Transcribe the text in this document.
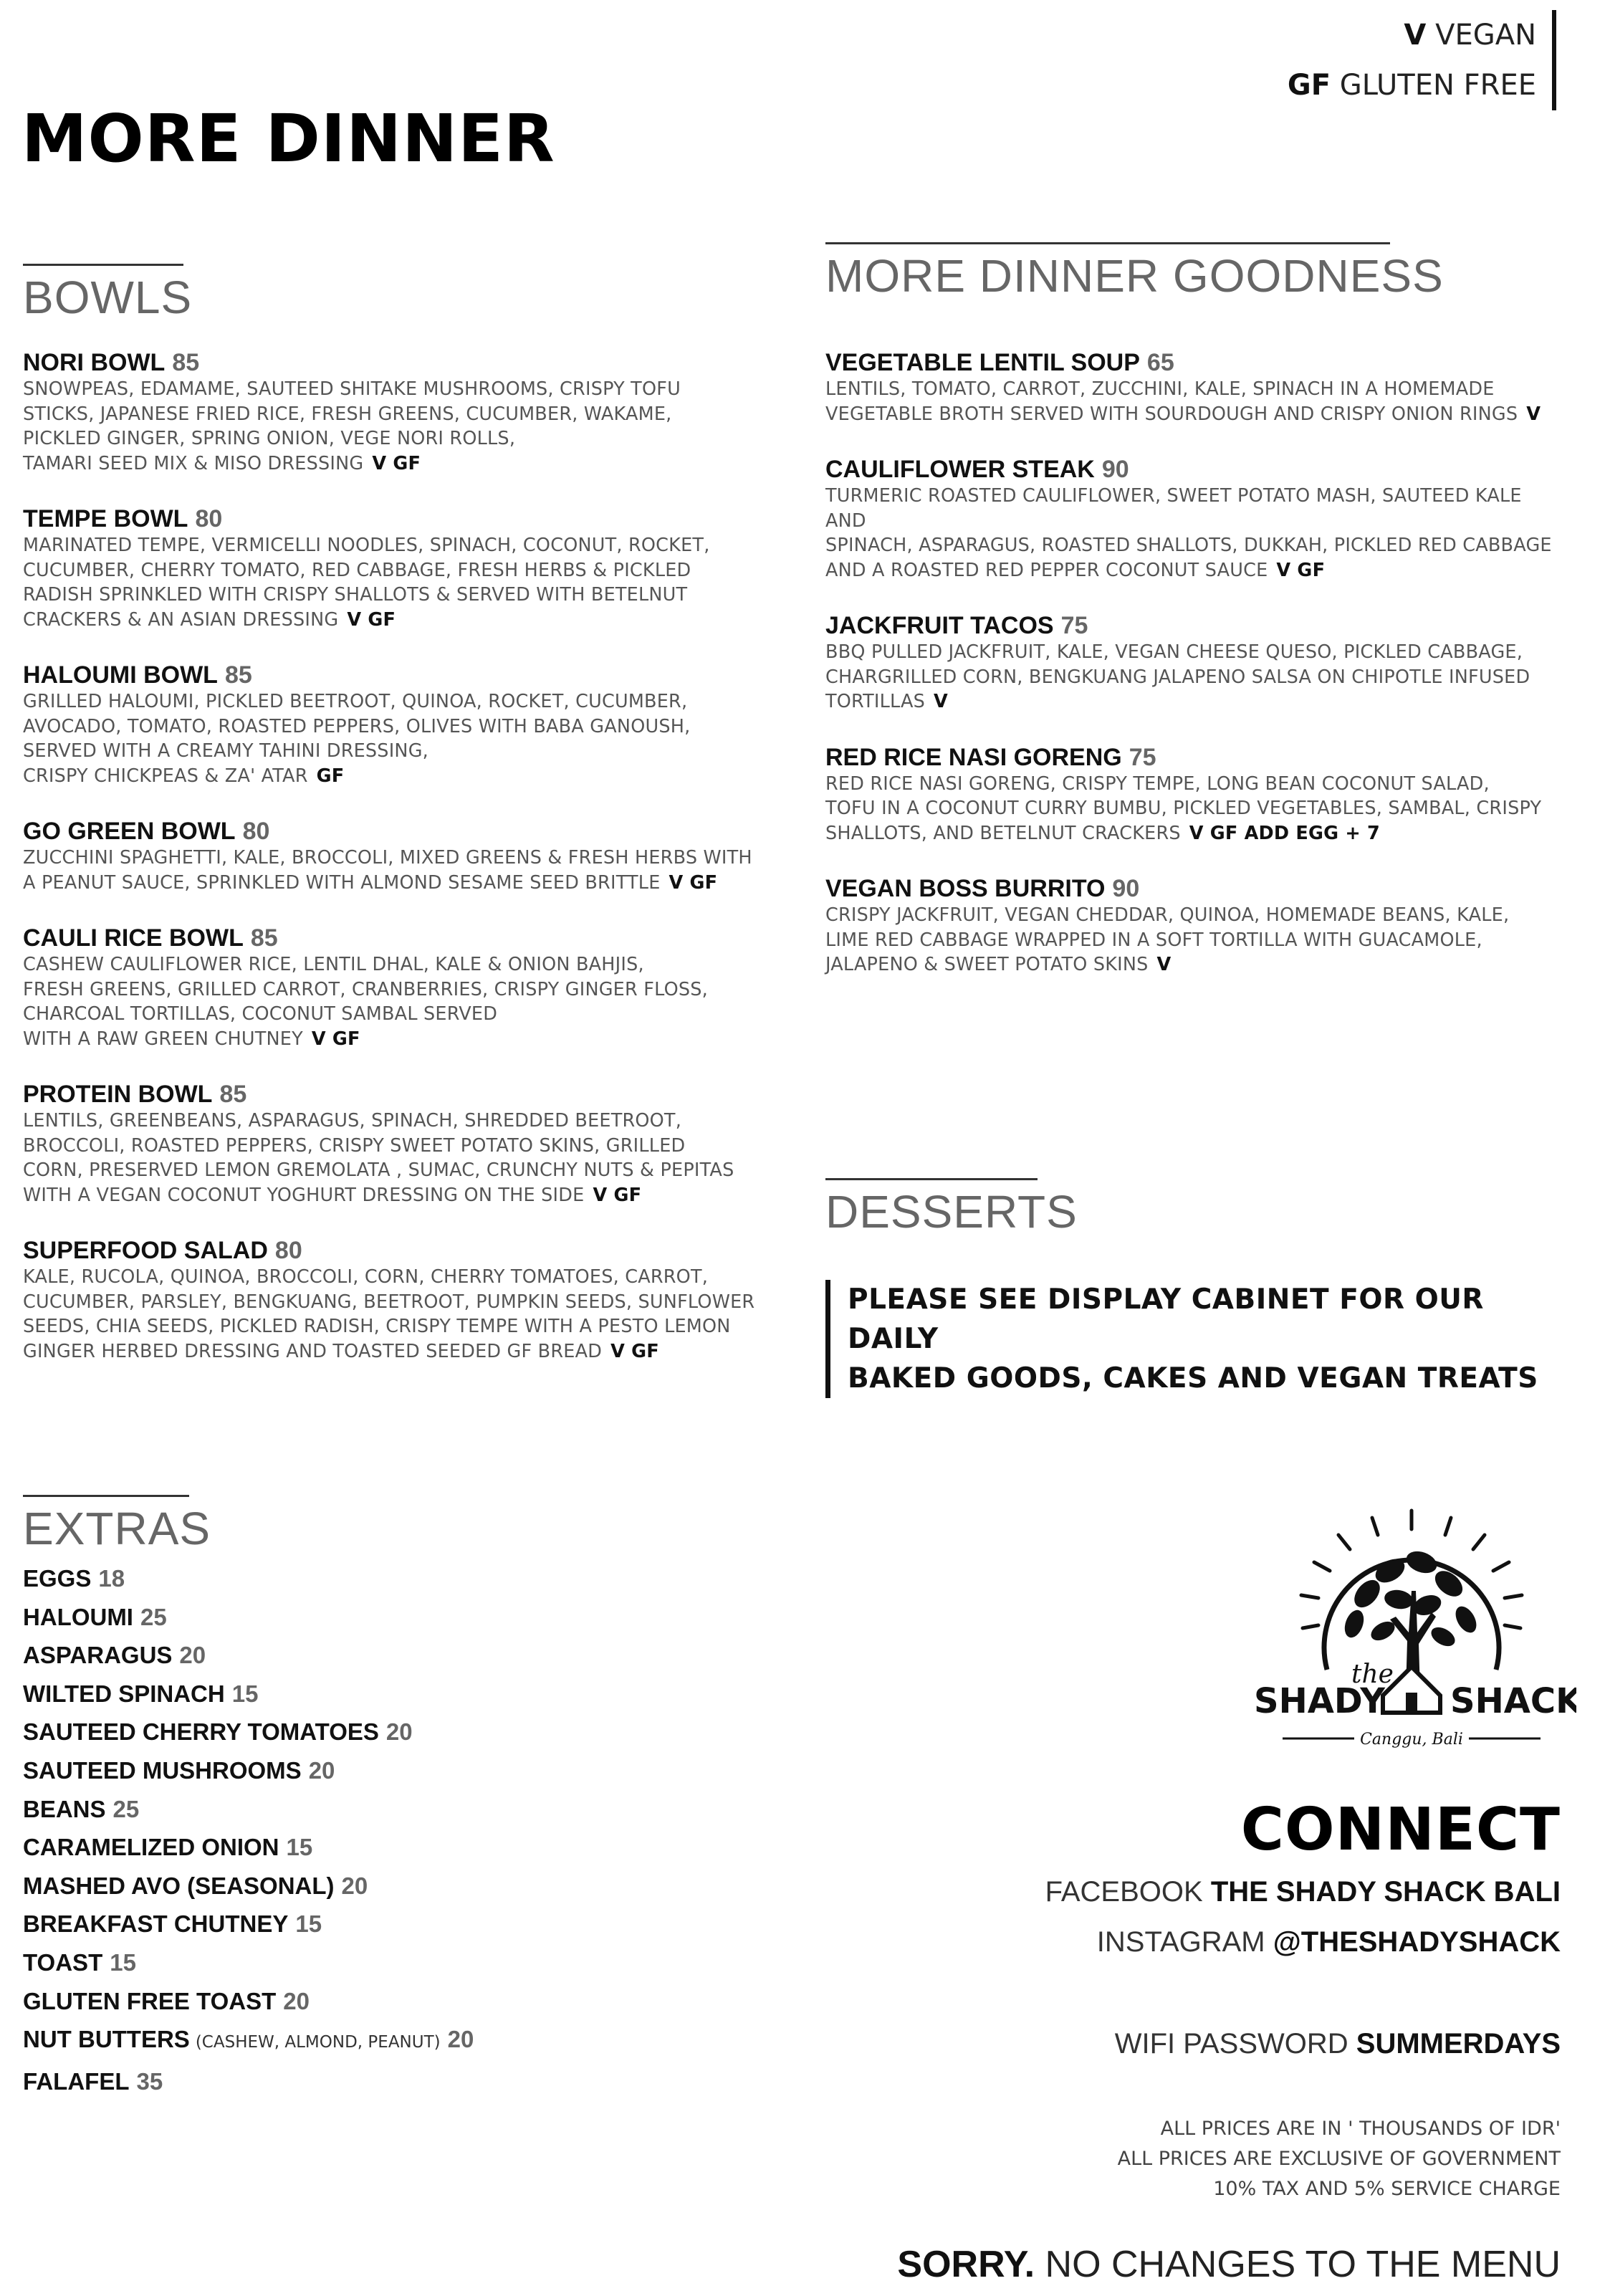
V VEGAN
GF GLUTEN FREE
MORE DINNER
BOWLS	MORE DINNER GOODNESS
DESSERTS
EXTRAS
NORI BOWL 85
SNOWPEAS, EDAMAME, SAUTEED SHITAKE MUSHROOMS, CRISPY TOFU
STICKS, JAPANESE FRIED RICE, FRESH GREENS, CUCUMBER, WAKAME,
PICKLED GINGER, SPRING ONION, VEGE NORI ROLLS,
TAMARI SEED MIX & MISO DRESSING V GF
TEMPE BOWL 80
MARINATED TEMPE, VERMICELLI NOODLES, SPINACH, COCONUT, ROCKET,
CUCUMBER, CHERRY TOMATO, RED CABBAGE, FRESH HERBS & PICKLED
RADISH SPRINKLED WITH CRISPY SHALLOTS & SERVED WITH BETELNUT
CRACKERS & AN ASIAN DRESSING V GF
HALOUMI BOWL 85
GRILLED HALOUMI, PICKLED BEETROOT, QUINOA, ROCKET, CUCUMBER,
AVOCADO, TOMATO, ROASTED PEPPERS, OLIVES WITH BABA GANOUSH,
SERVED WITH A CREAMY TAHINI DRESSING,
CRISPY CHICKPEAS & ZA' ATAR GF
GO GREEN BOWL 80
ZUCCHINI SPAGHETTI, KALE, BROCCOLI, MIXED GREENS & FRESH HERBS WITH
A PEANUT SAUCE, SPRINKLED WITH ALMOND SESAME SEED BRITTLE V GF
CAULI RICE BOWL 85
CASHEW CAULIFLOWER RICE, LENTIL DHAL, KALE & ONION BAHJIS,
FRESH GREENS, GRILLED CARROT, CRANBERRIES, CRISPY GINGER FLOSS,
CHARCOAL TORTILLAS, COCONUT SAMBAL SERVED
WITH A RAW GREEN CHUTNEY V GF
PROTEIN BOWL 85
LENTILS, GREENBEANS, ASPARAGUS, SPINACH, SHREDDED BEETROOT,
BROCCOLI, ROASTED PEPPERS, CRISPY SWEET POTATO SKINS, GRILLED
CORN, PRESERVED LEMON GREMOLATA , SUMAC, CRUNCHY NUTS & PEPITAS
WITH A VEGAN COCONUT YOGHURT DRESSING ON THE SIDE V GF
SUPERFOOD SALAD 80
KALE, RUCOLA, QUINOA, BROCCOLI, CORN, CHERRY TOMATOES, CARROT,
CUCUMBER, PARSLEY, BENGKUANG, BEETROOT, PUMPKIN SEEDS, SUNFLOWER
SEEDS, CHIA SEEDS, PICKLED RADISH, CRISPY TEMPE WITH A PESTO LEMON
GINGER HERBED DRESSING AND TOASTED SEEDED GF BREAD V GF
VEGETABLE LENTIL SOUP 65
LENTILS, TOMATO, CARROT, ZUCCHINI, KALE, SPINACH IN A HOMEMADE
VEGETABLE BROTH SERVED WITH SOURDOUGH AND CRISPY ONION RINGS V
CAULIFLOWER STEAK 90
TURMERIC ROASTED CAULIFLOWER, SWEET POTATO MASH, SAUTEED KALE AND
SPINACH, ASPARAGUS, ROASTED SHALLOTS, DUKKAH, PICKLED RED CABBAGE
AND A ROASTED RED PEPPER COCONUT SAUCE V GF
JACKFRUIT TACOS 75
BBQ PULLED JACKFRUIT, KALE, VEGAN CHEESE QUESO, PICKLED CABBAGE,
CHARGRILLED CORN, BENGKUANG JALAPENO SALSA ON CHIPOTLE INFUSED
TORTILLAS V
RED RICE NASI GORENG 75
RED RICE NASI GORENG, CRISPY TEMPE, LONG BEAN COCONUT SALAD,
TOFU IN A COCONUT CURRY BUMBU, PICKLED VEGETABLES, SAMBAL, CRISPY
SHALLOTS, AND BETELNUT CRACKERS V GF ADD EGG + 7
VEGAN BOSS BURRITO 90
CRISPY JACKFRUIT, VEGAN CHEDDAR, QUINOA, HOMEMADE BEANS, KALE,
LIME RED CABBAGE WRAPPED IN A SOFT TORTILLA WITH GUACAMOLE,
JALAPENO & SWEET POTATO SKINS V
PLEASE SEE DISPLAY CABINET FOR OUR DAILY
BAKED GOODS, CAKES AND VEGAN TREATS
EGGS 18
HALOUMI 25
ASPARAGUS 20
WILTED SPINACH 15
SAUTEED CHERRY TOMATOES 20
SAUTEED MUSHROOMS 20
BEANS 25
CARAMELIZED ONION 15
MASHED AVO (SEASONAL) 20
BREAKFAST CHUTNEY 15
TOAST 15
GLUTEN FREE TOAST 20
NUT BUTTERS (CASHEW, ALMOND, PEANUT) 20
FALAFEL 35
the
SHADY SHACK
Canggu, Bali
CONNECT
FACEBOOK THE SHADY SHACK BALI
INSTAGRAM @THESHADYSHACK
WIFI PASSWORD SUMMERDAYS
ALL PRICES ARE IN ' THOUSANDS OF IDR'
ALL PRICES ARE EXCLUSIVE OF GOVERNMENT
10% TAX AND 5% SERVICE CHARGE
SORRY. NO CHANGES TO THE MENU
